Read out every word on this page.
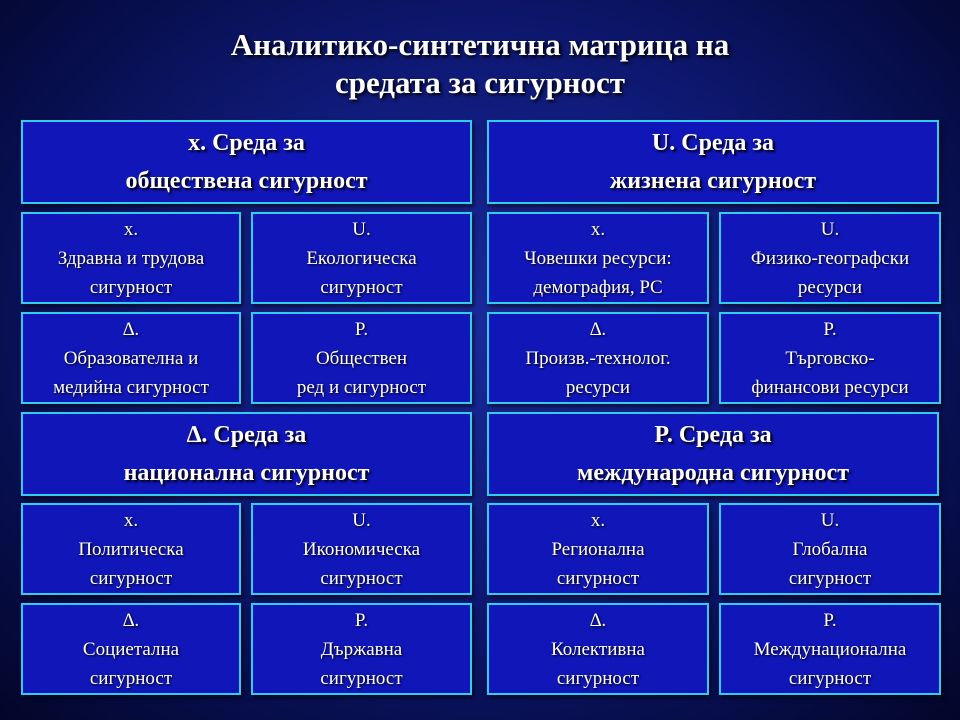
Аналитико-синтетична матрица на
средата за сигурност
x. Среда за
обществена сигурност
x.
Здравна и трудова
сигурност
U.
Екологическа
сигурност
∆.
Образователна и
медийна сигурност
P.
Обществен
ред и сигурност
U. Среда за
жизнена сигурност
x.
Човешки ресурси:
демография, PC
U.
Физико-географски
ресурси
∆.
Произв.-технолог.
ресурси
P.
Търговско-
финансови ресурси
∆. Среда за
национална сигурност
x.
Политическа
сигурност
U.
Икономическа
сигурност
∆.
Социетална
сигурност
P.
Държавна
сигурност
P. Среда за
международна сигурност
x.
Регионална
сигурност
U.
Глобална
сигурност
∆.
Колективна
сигурност
P.
Междунационална
сигурност
